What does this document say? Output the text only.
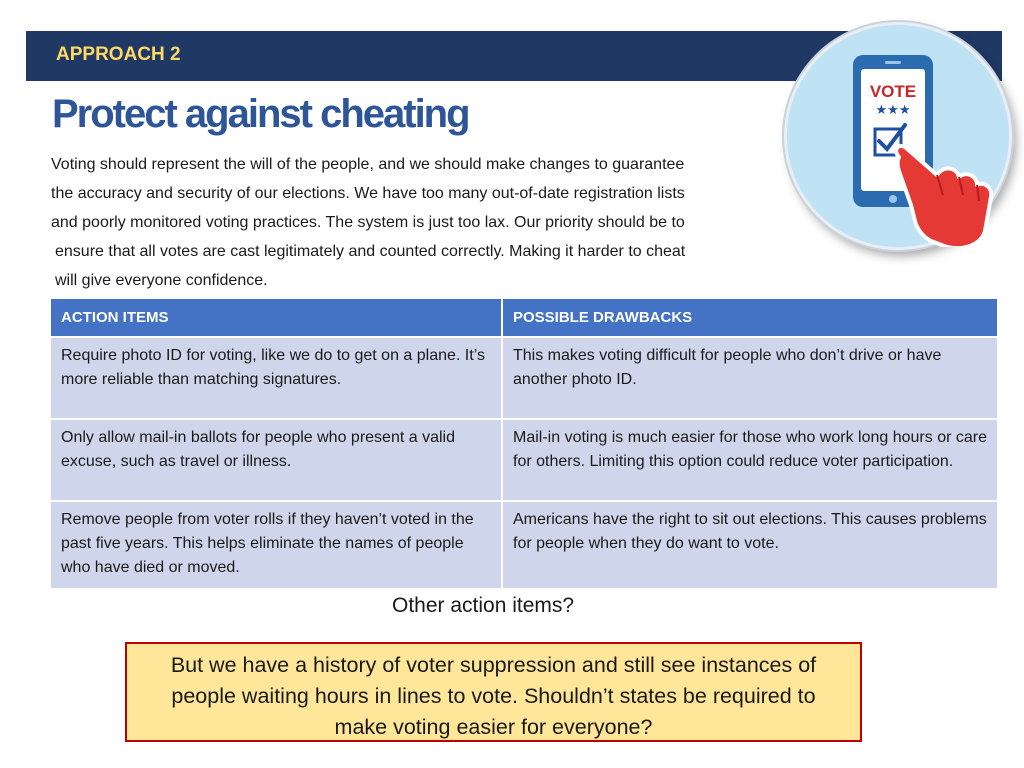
APPROACH 2
Protect against cheating
Voting should represent the will of the people, and we should make changes to guarantee
the accuracy and security of our elections. We have too many out-of-date registration lists
and poorly monitored voting practices. The system is just too lax. Our priority should be to
ensure that all votes are cast legitimately and counted correctly. Making it harder to cheat
will give everyone confidence.
VOTE
★★★
ACTION ITEMS	POSSIBLE DRAWBACKS
Require photo ID for voting, like we do to get on a plane. It’s more reliable than matching signatures.	This makes voting difficult for people who don’t drive or have another photo ID.
Only allow mail-in ballots for people who present a valid excuse, such as travel or illness.	Mail-in voting is much easier for those who work long hours or care for others. Limiting this option could reduce voter participation.
Remove people from voter rolls if they haven’t voted in the past five years. This helps eliminate the names of people who have died or moved.	Americans have the right to sit out elections. This causes problems for people when they do want to vote.
Other action items?
But we have a history of voter suppression and still see instances of
people waiting hours in lines to vote. Shouldn’t states be required to
make voting easier for everyone?
